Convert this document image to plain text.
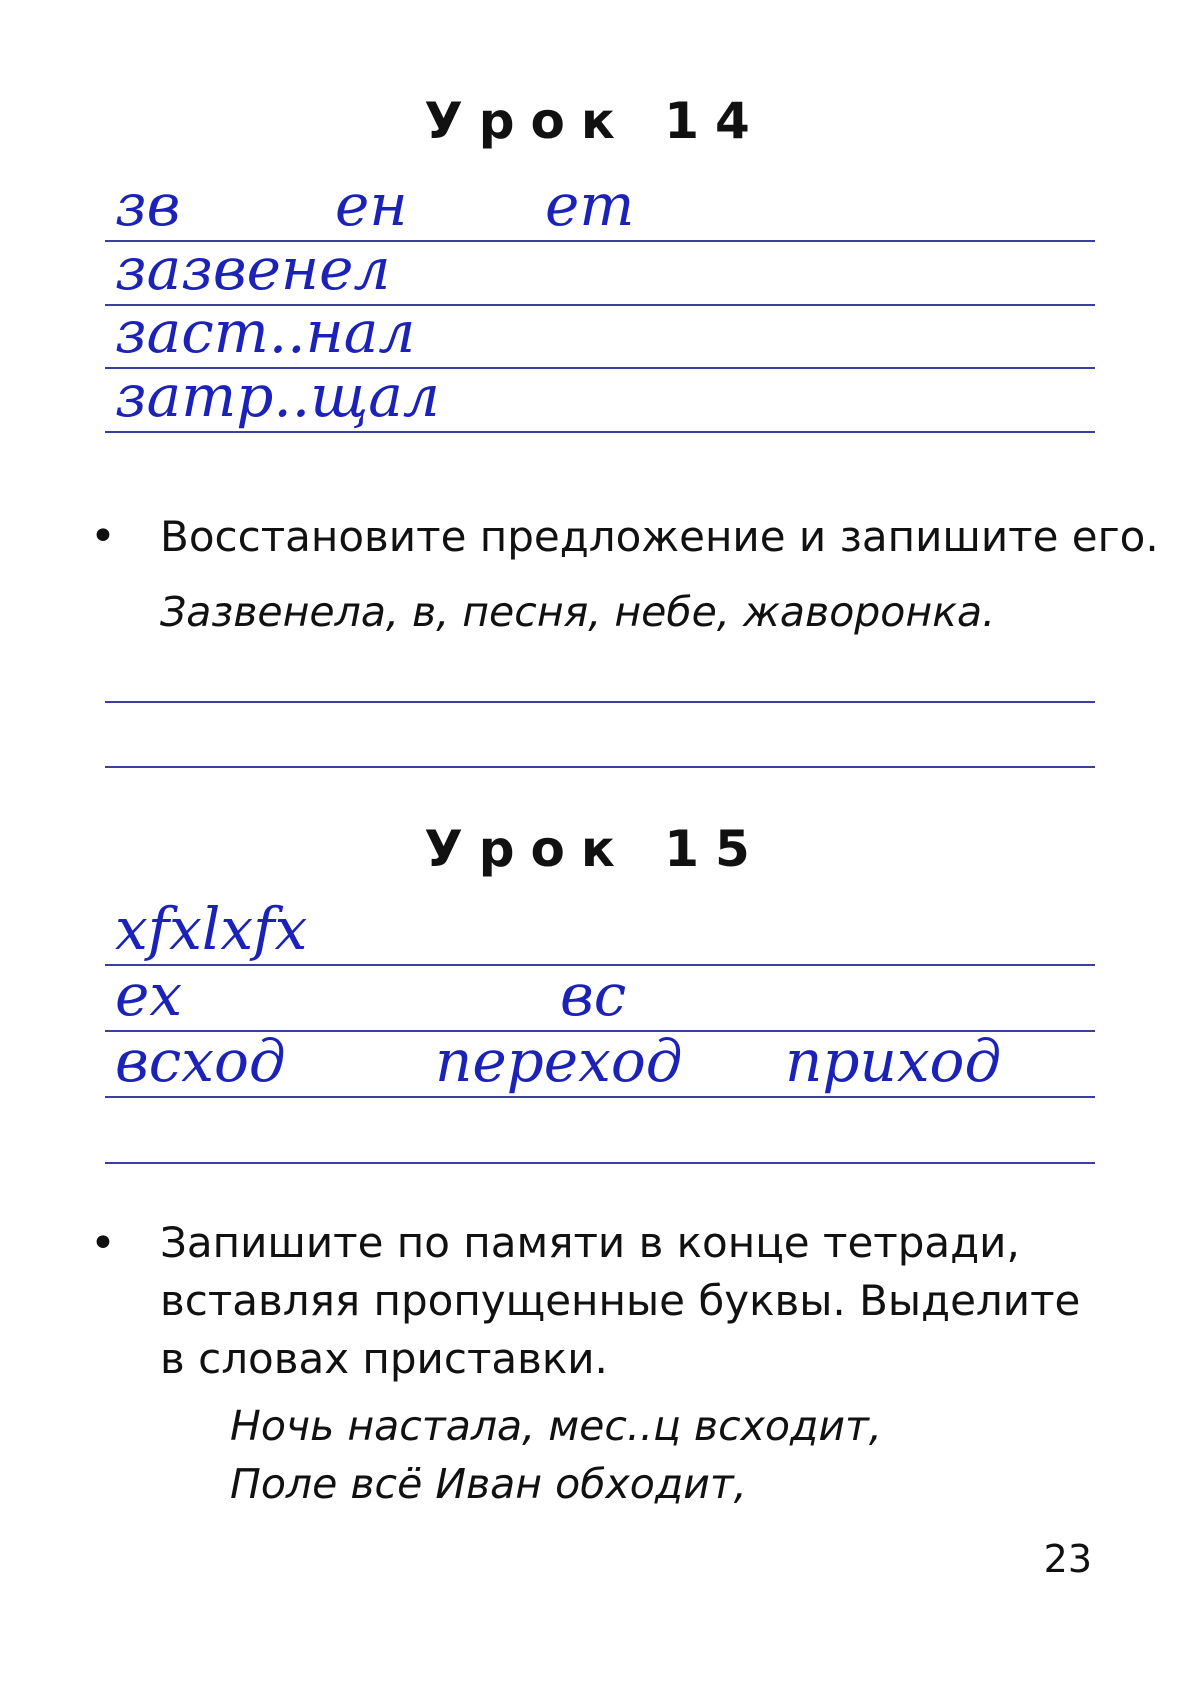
Урок 14
зв	ен ет
зазвенел
заст..нал
затр..щал
• Восстановите предложение и запишите его.
Зазвенела, в, песня, небе, жаворонка.
Урок 15
xfxlxfx
ex	вс
всход	переход приход
• Запишите по памяти в конце тетради,
вставляя пропущенные буквы. Выделите
в словах приставки.
Ночь настала, мес..ц всходит,
Поле всё Иван обходит,
23
